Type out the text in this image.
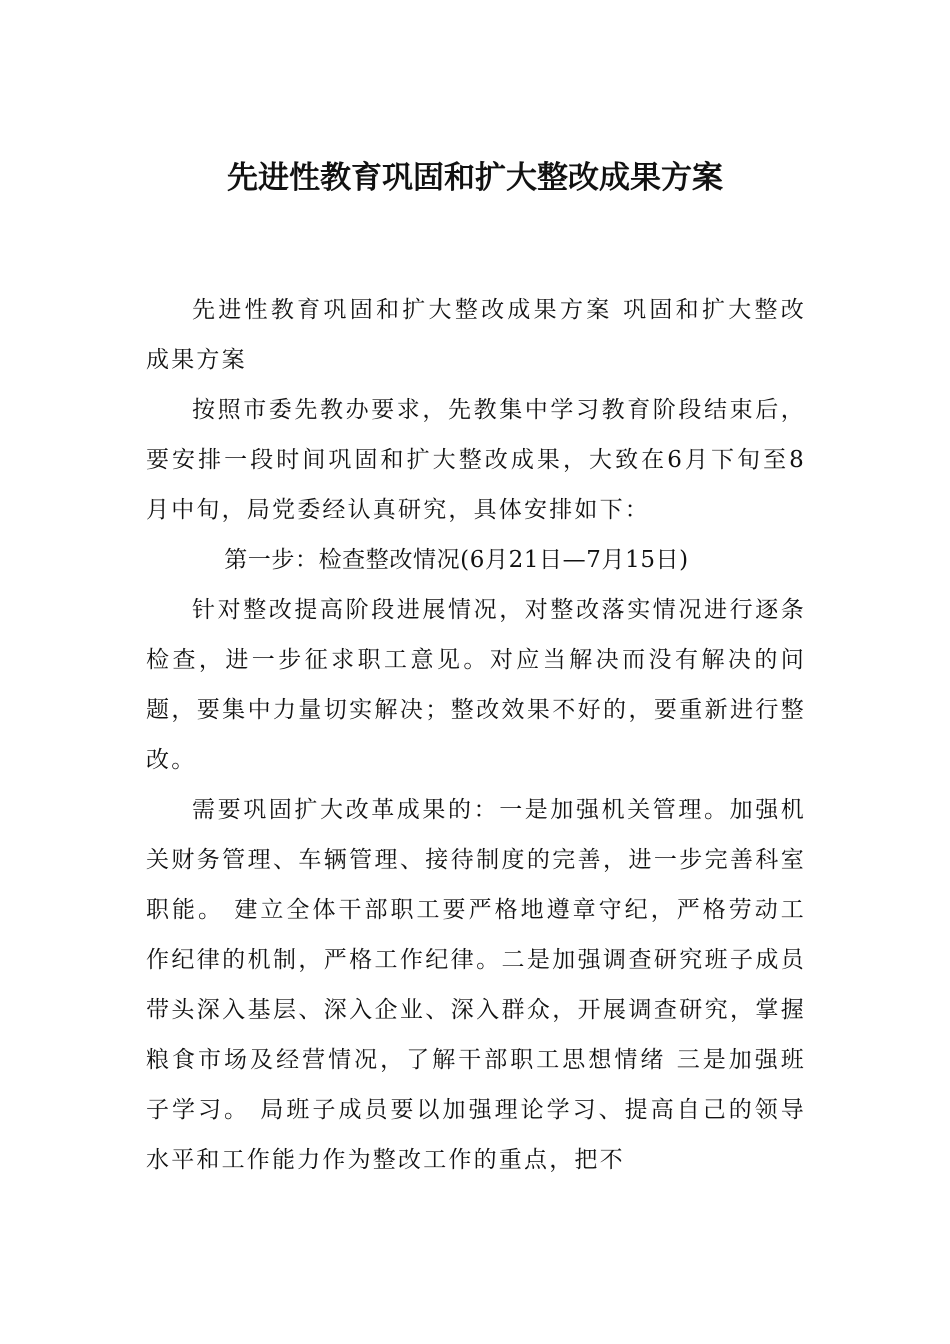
先进性教育巩固和扩大整改成果方案

先进性教育巩固和扩大整改成果方案 巩固和扩大整改成果方案

按照市委先教办要求，先教集中学习教育阶段结束后，要安排一段时间巩固和扩大整改成果，大致在6月下旬至8月中旬，局党委经认真研究，具体安排如下：

第一步：检查整改情况(6月21日—7月15日)

针对整改提高阶段进展情况，对整改落实情况进行逐条检查，进一步征求职工意见。对应当解决而没有解决的问题，要集中力量切实解决；整改效果不好的，要重新进行整改。

需要巩固扩大改革成果的：一是加强机关管理。加强机关财务管理、车辆管理、接待制度的完善，进一步完善科室职能。 建立全体干部职工要严格地遵章守纪，严格劳动工作纪律的机制，严格工作纪律。二是加强调查研究班子成员带头深入基层、深入企业、深入群众，开展调查研究，掌握粮食市场及经营情况，了解干部职工思想情绪 三是加强班子学习。 局班子成员要以加强理论学习、提高自己的领导水平和工作能力作为整改工作的重点，把不
